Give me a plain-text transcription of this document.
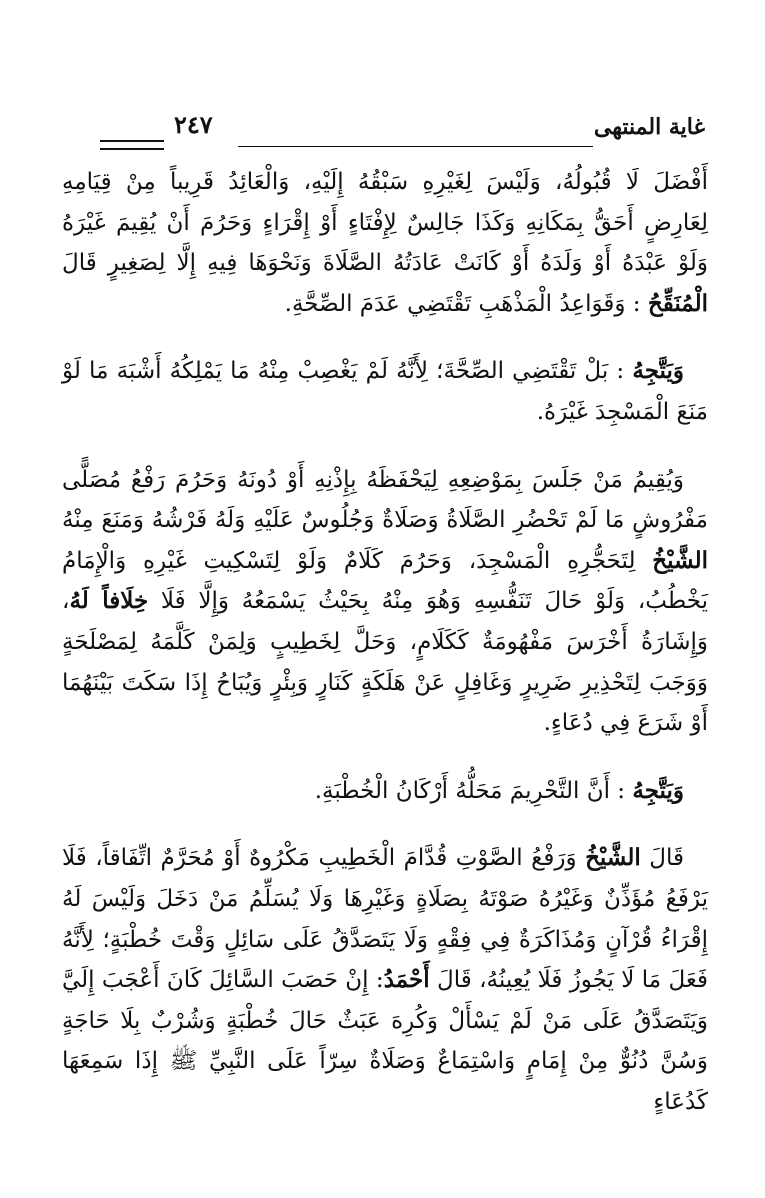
٢٤٧	غاية المنتهى

أَفْضَلَ لَا قُبُولُهُ، وَلَيْسَ لِغَيْرِهِ سَبْقُهُ إِلَيْهِ، وَالْعَائِدُ قَرِيباً مِنْ قِيَامِهِ لِعَارِضٍ أَحَقُّ بِمَكَانِهِ وَكَذَا جَالِسٌ لِإِفْتَاءٍ أَوْ إِقْرَاءٍ وَحَرُمَ أَنْ يُقِيمَ غَيْرَهُ وَلَوْ عَبْدَهُ أَوْ وَلَدَهُ أَوْ كَانَتْ عَادَتُهُ الصَّلَاةَ وَنَحْوَهَا فِيهِ إِلَّا لِصَغِيرٍ قَالَ الْمُنَقِّحُ : وَقَوَاعِدُ الْمَذْهَبِ تَقْتَضِي عَدَمَ الصِّحَّةِ.

وَيَتَّجِهُ : بَلْ تَقْتَضِي الصِّحَّةَ؛ لِأَنَّهُ لَمْ يَغْصِبْ مِنْهُ مَا يَمْلِكُهُ أَشْبَهَ مَا لَوْ مَنَعَ الْمَسْجِدَ غَيْرَهُ.

وَيُقِيمُ مَنْ جَلَسَ بِمَوْضِعِهِ لِيَحْفَظَهُ بِإِذْنِهِ أَوْ دُونَهُ وَحَرُمَ رَفْعُ مُصَلًّى مَفْرُوشٍ مَا لَمْ تَحْضُرِ الصَّلَاةُ وَصَلَاةٌ وَجُلُوسٌ عَلَيْهِ وَلَهُ فَرْشُهُ وَمَنَعَ مِنْهُ الشَّيْخُ لِتَحَجُّرِهِ الْمَسْجِدَ، وَحَرُمَ كَلَامٌ وَلَوْ لِتَسْكِيتِ غَيْرِهِ وَالْإِمَامُ يَخْطُبُ، وَلَوْ حَالَ تَنَفُّسِهِ وَهُوَ مِنْهُ بِحَيْثُ يَسْمَعُهُ وَإِلَّا فَلَا خِلَافاً لَهُ، وَإِشَارَةُ أَخْرَسَ مَفْهُومَةٌ كَكَلَامٍ، وَحَلَّ لِخَطِيبٍ وَلِمَنْ كَلَّمَهُ لِمَصْلَحَةٍ وَوَجَبَ لِتَحْذِيرِ ضَرِيرٍ وَغَافِلٍ عَنْ هَلَكَةٍ كَنَارٍ وَبِئْرٍ وَيُبَاحُ إِذَا سَكَتَ بَيْنَهُمَا أَوْ شَرَعَ فِي دُعَاءٍ.

وَيَتَّجِهُ : أَنَّ التَّحْرِيمَ مَحَلُّهُ أَرْكَانُ الْخُطْبَةِ.

قَالَ الشَّيْخُ وَرَفْعُ الصَّوْتِ قُدَّامَ الْخَطِيبِ مَكْرُوهٌ أَوْ مُحَرَّمٌ اتِّفَاقاً، فَلَا يَرْفَعُ مُؤَذِّنٌ وَغَيْرُهُ صَوْتَهُ بِصَلَاةٍ وَغَيْرِهَا وَلَا يُسَلِّمُ مَنْ دَخَلَ وَلَيْسَ لَهُ إِقْرَاءُ قُرْآنٍ وَمُذَاكَرَةٌ فِي فِقْهٍ وَلَا يَتَصَدَّقُ عَلَى سَائِلٍ وَقْتَ خُطْبَةٍ؛ لِأَنَّهُ فَعَلَ مَا لَا يَجُوزُ فَلَا يُعِينُهُ، قَالَ أَحْمَدُ: إِنْ حَصَبَ السَّائِلَ كَانَ أَعْجَبَ إِلَيَّ وَيَتَصَدَّقُ عَلَى مَنْ لَمْ يَسْأَلْ وَكُرِهَ عَبَثٌ حَالَ خُطْبَةٍ وَشُرْبٌ بِلَا حَاجَةٍ وَسُنَّ دُنُوٌّ مِنْ إِمَامٍ وَاسْتِمَاعٌ وَصَلَاةٌ سِرّاً عَلَى النَّبِيِّ ﷺ إِذَا سَمِعَهَا كَدُعَاءٍ
